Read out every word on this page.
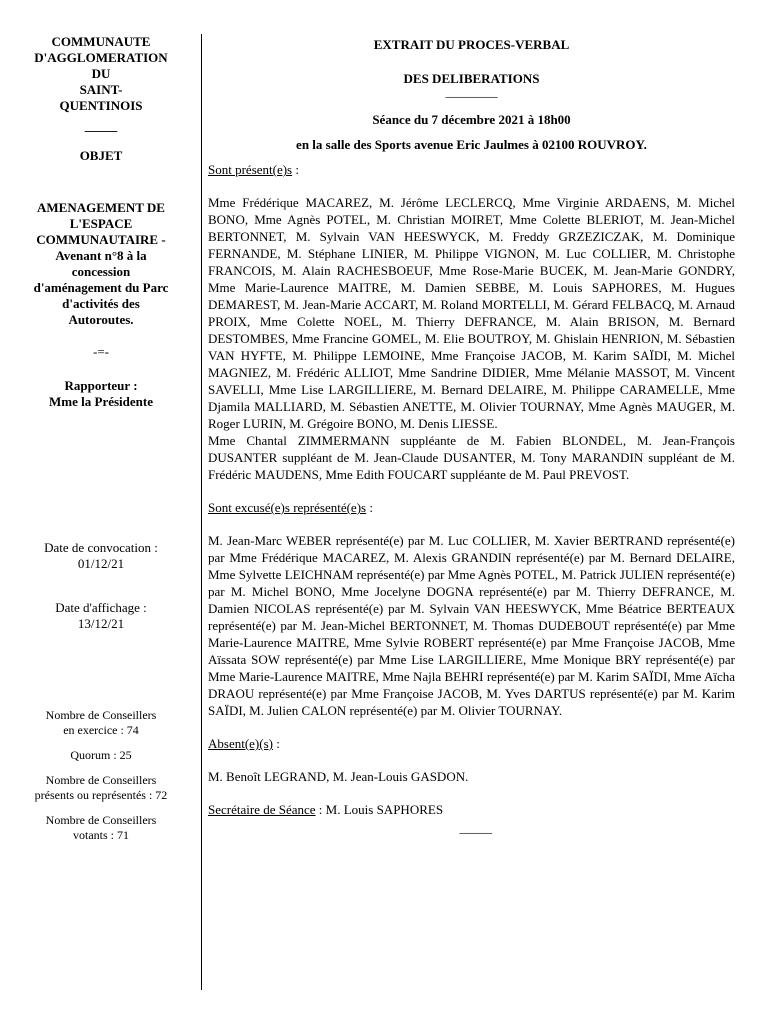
COMMUNAUTE

D'AGGLOMERATION

DU

SAINT-

QUENTINOIS

_____
OBJET
AMENAGEMENT DE
L'ESPACE
COMMUNAUTAIRE -
Avenant n°8 à la
concession
d'aménagement du Parc
d'activités des
Autoroutes.
-=-
Rapporteur :
Mme la Présidente
Date de convocation :
01/12/21
Date d'affichage :
13/12/21

Nombre de Conseillers
en exercice : 74

Quorum : 25

Nombre de Conseillers
présents ou représentés : 72

Nombre de Conseillers
votants : 71

EXTRAIT DU PROCES-VERBAL

DES DELIBERATIONS

________

Séance du 7 décembre 2021 à 18h00

en la salle des Sports avenue Eric Jaulmes à 02100 ROUVROY.

Sont présent(e)s :

Mme Frédérique MACAREZ, M. Jérôme LECLERCQ, Mme Virginie ARDAENS, M. Michel BONO, Mme Agnès POTEL, M. Christian MOIRET, Mme Colette BLERIOT, M. Jean-Michel BERTONNET, M. Sylvain VAN HEESWYCK, M. Freddy GRZEZICZAK, M. Dominique FERNANDE, M. Stéphane LINIER, M. Philippe VIGNON, M. Luc COLLIER, M. Christophe FRANCOIS, M. Alain RACHESBOEUF, Mme Rose-Marie BUCEK, M. Jean-Marie GONDRY, Mme Marie-Laurence MAITRE, M. Damien SEBBE, M. Louis SAPHORES, M. Hugues DEMAREST, M. Jean-Marie ACCART, M. Roland MORTELLI, M. Gérard FELBACQ, M. Arnaud PROIX, Mme Colette NOEL, M. Thierry DEFRANCE, M. Alain BRISON, M. Bernard DESTOMBES, Mme Francine GOMEL, M. Elie BOUTROY, M. Ghislain HENRION, M. Sébastien VAN HYFTE, M. Philippe LEMOINE, Mme Françoise JACOB, M. Karim SAÏDI, M. Michel MAGNIEZ, M. Frédéric ALLIOT, Mme Sandrine DIDIER, Mme Mélanie MASSOT, M. Vincent SAVELLI, Mme Lise LARGILLIERE, M. Bernard DELAIRE, M. Philippe CARAMELLE, Mme Djamila MALLIARD, M. Sébastien ANETTE, M. Olivier TOURNAY, Mme Agnès MAUGER, M. Roger LURIN, M. Grégoire BONO, M. Denis LIESSE.

Mme Chantal ZIMMERMANN suppléante de M. Fabien BLONDEL, M. Jean-François DUSANTER suppléant de M. Jean-Claude DUSANTER, M. Tony MARANDIN suppléant de M. Frédéric MAUDENS, Mme Edith FOUCART suppléante de M. Paul PREVOST.

Sont excusé(e)s représenté(e)s :

M. Jean-Marc WEBER représenté(e) par M. Luc COLLIER, M. Xavier BERTRAND représenté(e) par Mme Frédérique MACAREZ, M. Alexis GRANDIN représenté(e) par M. Bernard DELAIRE, Mme Sylvette LEICHNAM représenté(e) par Mme Agnès POTEL, M. Patrick JULIEN représenté(e) par M. Michel BONO, Mme Jocelyne DOGNA représenté(e) par M. Thierry DEFRANCE, M. Damien NICOLAS représenté(e) par M. Sylvain VAN HEESWYCK, Mme Béatrice BERTEAUX représenté(e) par M. Jean-Michel BERTONNET, M. Thomas DUDEBOUT représenté(e) par Mme Marie-Laurence MAITRE, Mme Sylvie ROBERT représenté(e) par Mme Françoise JACOB, Mme Aïssata SOW représenté(e) par Mme Lise LARGILLIERE, Mme Monique BRY représenté(e) par Mme Marie-Laurence MAITRE, Mme Najla BEHRI représenté(e) par M. Karim SAÏDI, Mme Aïcha DRAOU représenté(e) par Mme Françoise JACOB, M. Yves DARTUS représenté(e) par M. Karim SAÏDI, M. Julien CALON représenté(e) par M. Olivier TOURNAY.

Absent(e)(s) :

M. Benoît LEGRAND, M. Jean-Louis GASDON.

Secrétaire de Séance : M. Louis SAPHORES

_____
